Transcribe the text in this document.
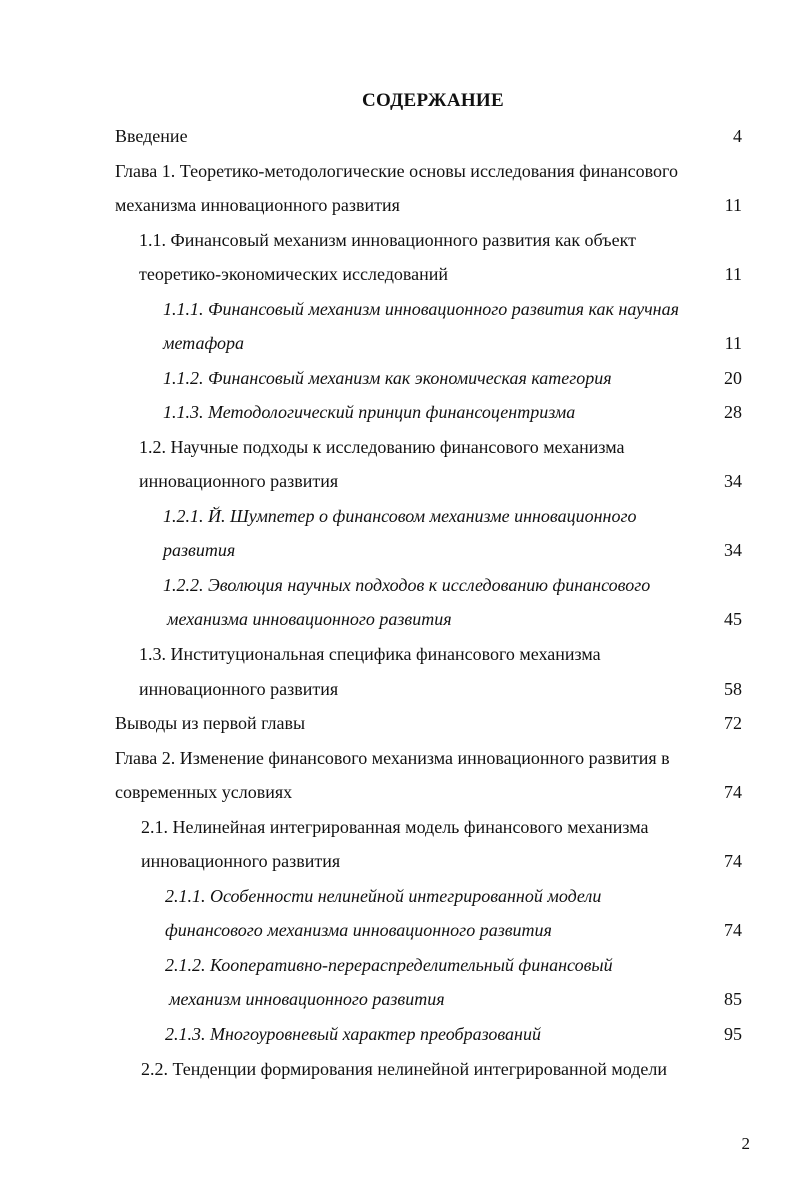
СОДЕРЖАНИЕ
Введение	4
Глава 1. Теоретико-методологические основы исследования финансового
механизма инновационного развития	11
1.1. Финансовый механизм инновационного развития как объект
теоретико-экономических исследований	11
1.1.1. Финансовый механизм инновационного развития как научная
метафора	11
1.1.2. Финансовый механизм как экономическая категория	20
1.1.3. Методологический принцип финансоцентризма	28
1.2. Научные подходы к исследованию финансового механизма
инновационного развития	34
1.2.1. Й. Шумпетер о финансовом механизме инновационного
развития	34
1.2.2. Эволюция научных подходов к исследованию финансового
механизма инновационного развития	45
1.3. Институциональная специфика финансового механизма
инновационного развития	58
Выводы из первой главы	72
Глава 2. Изменение финансового механизма инновационного развития в
современных условиях	74
2.1. Нелинейная интегрированная модель финансового механизма
инновационного развития	74
2.1.1. Особенности нелинейной интегрированной модели
финансового механизма инновационного развития	74
2.1.2. Кооперативно-перераспределительный финансовый
механизм инновационного развития	85
2.1.3. Многоуровневый характер преобразований	95
2.2. Тенденции формирования нелинейной интегрированной модели
2
